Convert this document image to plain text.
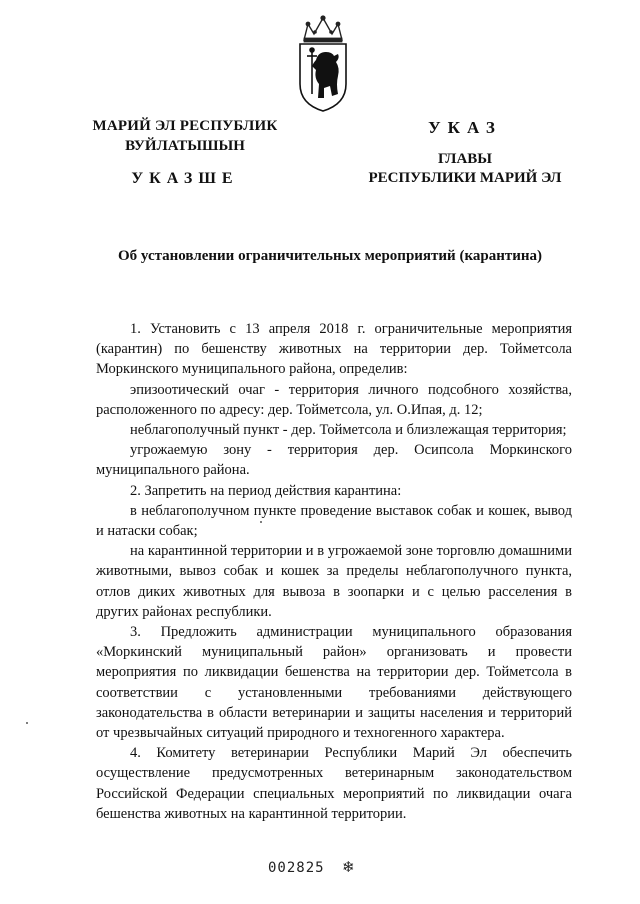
МАРИЙ ЭЛ РЕСПУБЛИК
ВУЙЛАТЫШЫН
УКАЗШЕ
УКАЗ
ГЛАВЫ
РЕСПУБЛИКИ МАРИЙ ЭЛ
Об установлении ограничительных мероприятий (карантина)

1. Установить с 13 апреля 2018 г. ограничительные мероприятия (карантин) по бешенству животных на территории дер. Тойметсола Моркинского муниципального района, определив:

эпизоотический очаг - территория личного подсобного хозяйства, расположенного по адресу: дер. Тойметсола, ул. О.Ипая, д. 12;

неблагополучный пункт - дер. Тойметсола и близлежащая территория;

угрожаемую зону - территория дер. Осипсола Моркинского муниципального района.

2. Запретить на период действия карантина:

в неблагополучном пункте проведение выставок собак и кошек, вывод и натаски собак;

на карантинной территории и в угрожаемой зоне торговлю домашними животными, вывоз собак и кошек за пределы неблагополучного пункта, отлов диких животных для вывоза в зоопарки и с целью расселения в других районах республики.

3. Предложить администрации муниципального образования «Моркинский муниципальный район» организовать и провести мероприятия по ликвидации бешенства на территории дер. Тойметсола в соответствии с установленными требованиями действующего законодательства в области ветеринарии и защиты населения и территорий от чрезвычайных ситуаций природного и техногенного характера.

4. Комитету ветеринарии Республики Марий Эл обеспечить осуществление предусмотренных ветеринарным законодательством Российской Федерации специальных мероприятий по ликвидации очага бешенства животных на карантинной территории.

002825 ❄
